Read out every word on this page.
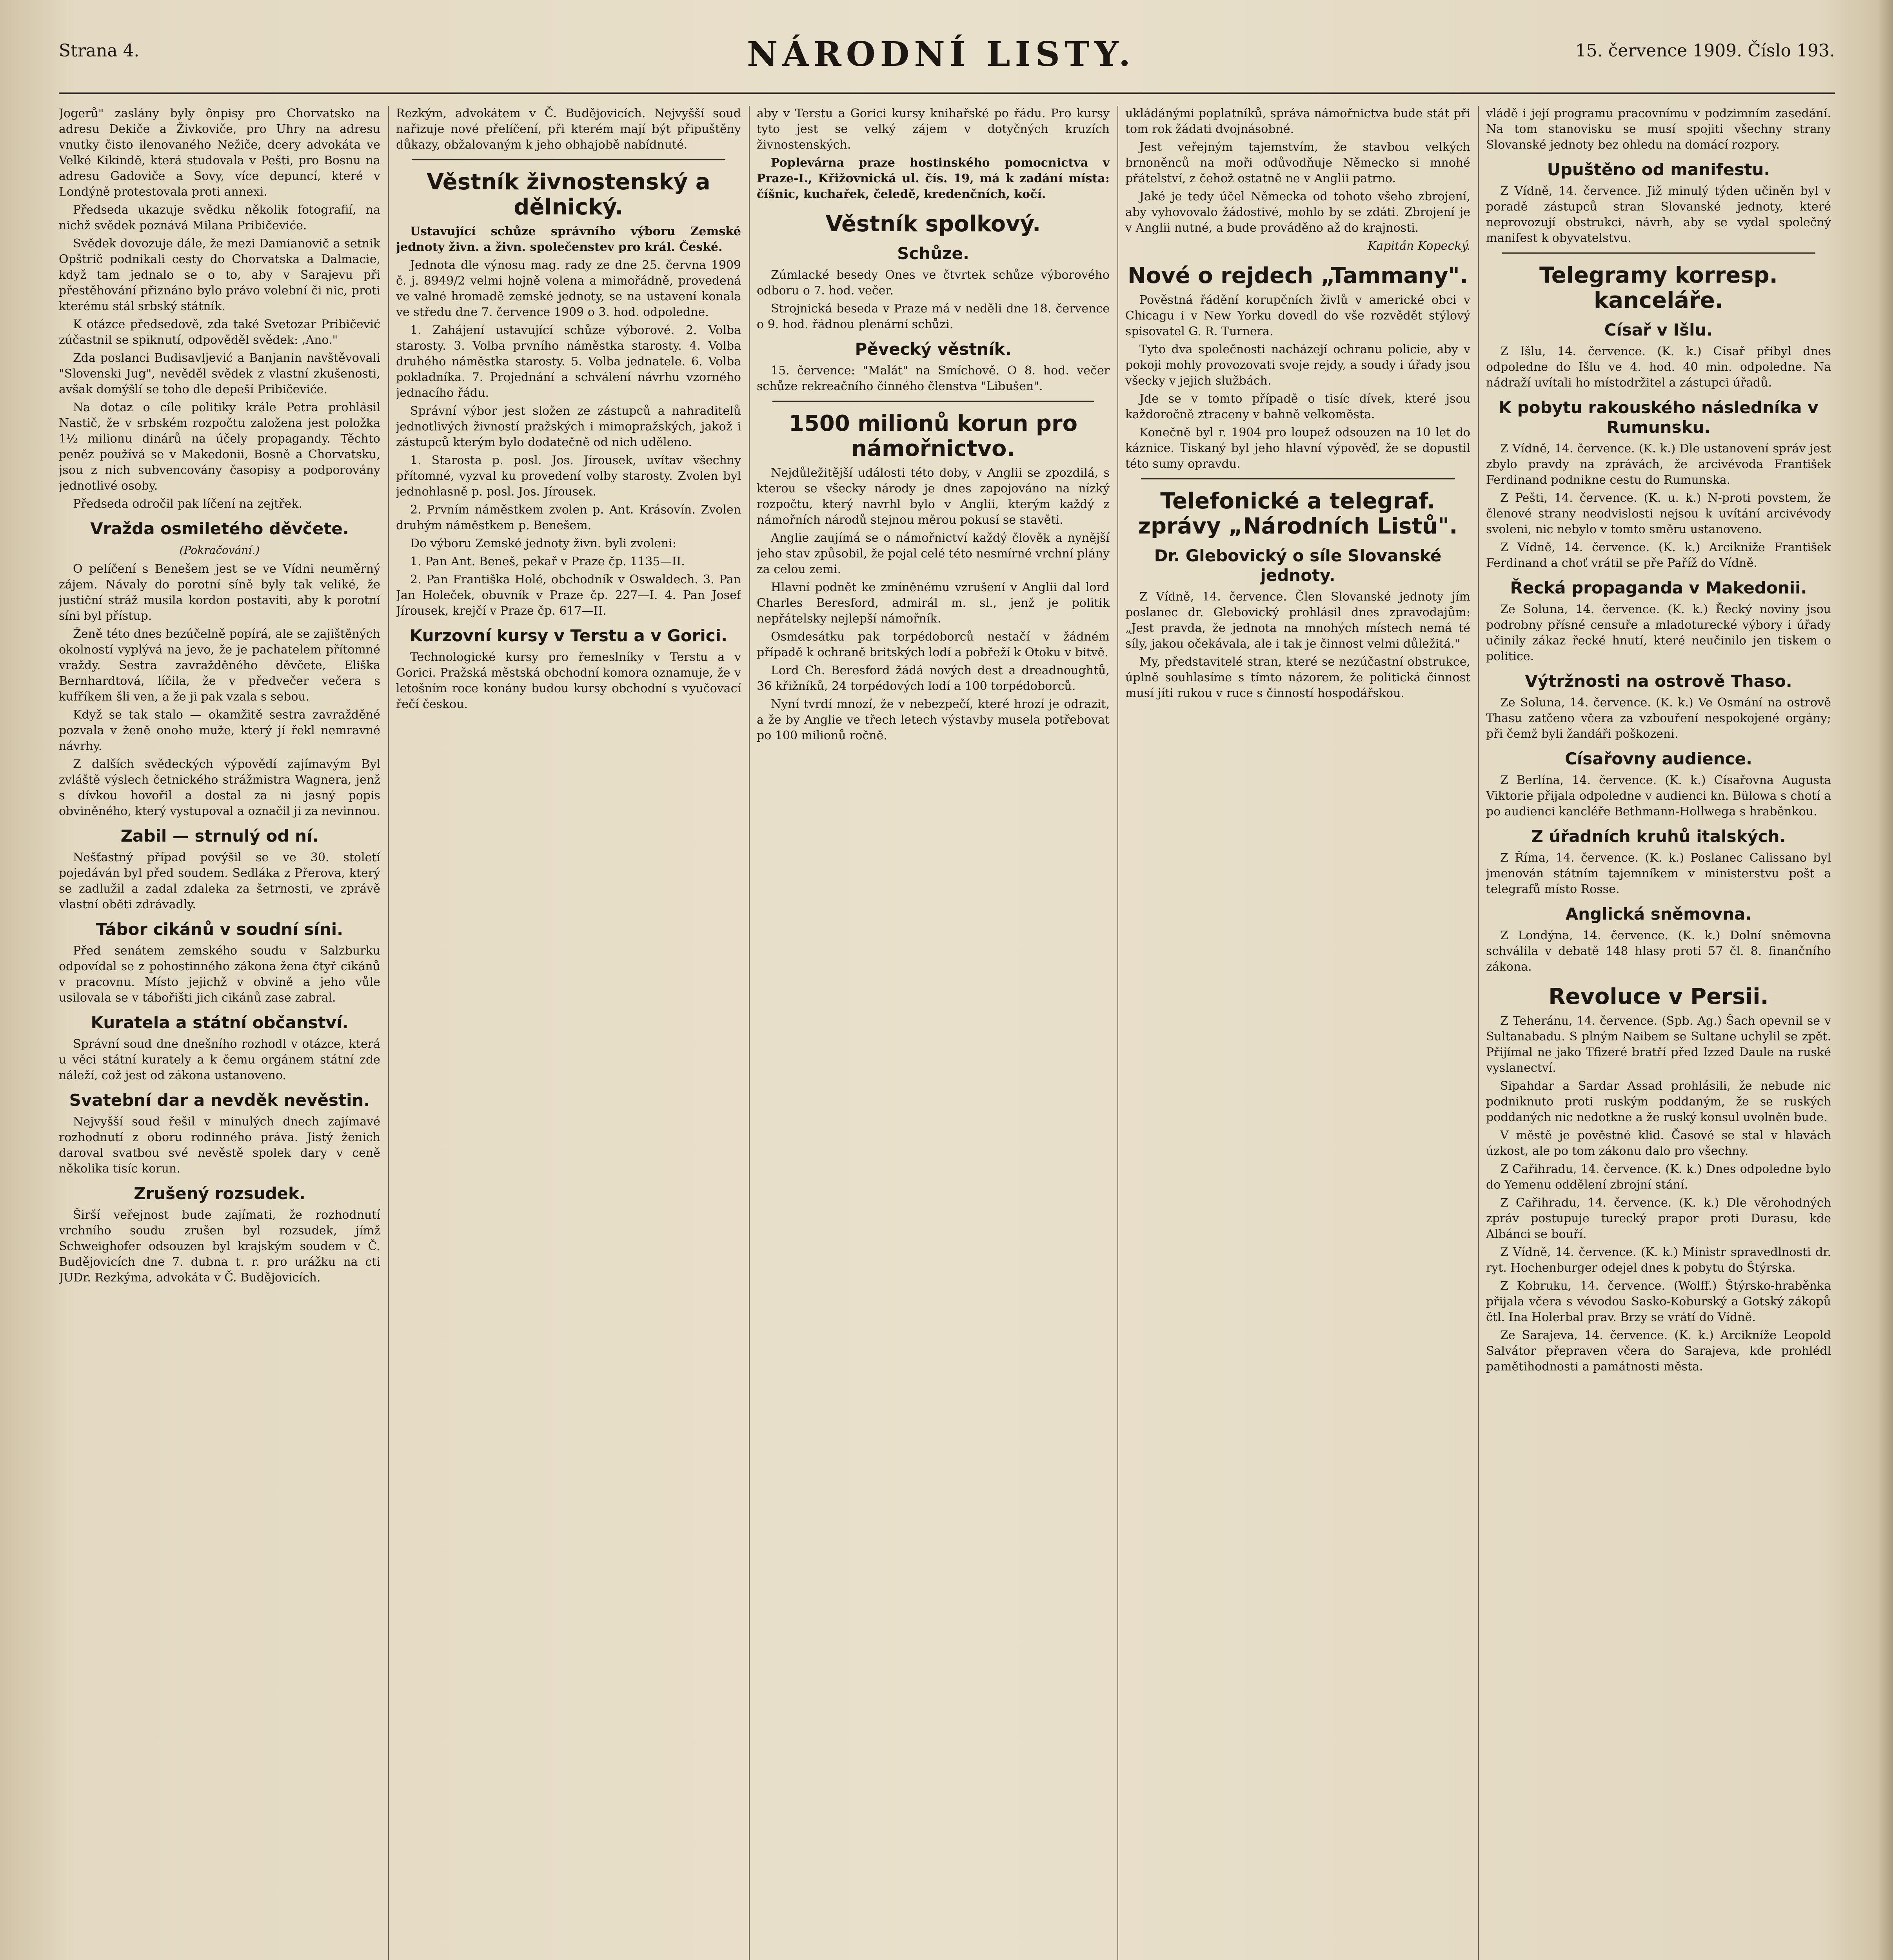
Strana 4.	NÁRODNÍ LISTY.	15. července 1909. Číslo 193.

Jogerů" zaslány byly ônpisy pro Chorvatsko na adresu Dekiče a Živkoviče, pro Uhry na adresu vnutky čisto ilenovaného Nežiče, dcery advokáta ve Velké Kikindě, která studovala v Pešti, pro Bosnu na adresu Gadoviče a Sovy, více depuncí, které v Londýně protestovala proti annexi.

Předseda ukazuje svědku několik fotografií, na nichž svědek poznává Milana Pribičeviće.

Svědek dovozuje dále, že mezi Damianovič a setnik Opštrič podnikali cesty do Chorvatska a Dalmacie, když tam jednalo se o to, aby v Sarajevu při přestěhování přiznáno bylo právo volební či nic, proti kterému stál srbský státník.

K otázce předsedově, zda také Svetozar Pribičević zúčastnil se spiknutí, odpověděl svědek: ,Ano."

Zda poslanci Budisavljević a Banjanin navštěvovali "Slovenski Jug", nevěděl svědek z vlastní zkušenosti, avšak domýšlí se toho dle depeší Pribičeviće.

Na dotaz o cíle politiky krále Petra prohlásil Nastič, že v srbském rozpočtu založena jest položka 1½ milionu dinárů na účely propagandy. Těchto peněz používá se v Makedonii, Bosně a Chorvatsku, jsou z nich subvencovány časopisy a podporovány jednotlivé osoby.

Předseda odročil pak líčení na zejtřek.

Vražda osmiletého děvčete.
(Pokračování.)

O pelíčení s Benešem jest se ve Vídni neuměrný zájem. Návaly do porotní síně byly tak veliké, že justiční stráž musila kordon postaviti, aby k porotní síni byl přístup.

Ženě této dnes bezúčelně popírá, ale se zajištěných okolností vyplývá na jevo, že je pachatelem přítomné vraždy. Sestra zavražděného děvčete, Eliška Bernhardtová, líčila, že v předvečer večera s kufříkem šli ven, a že ji pak vzala s sebou.

Když se tak stalo — okamžitě sestra zavražděné pozvala v ženě onoho muže, který jí řekl nemravné návrhy.

Z dalších svědeckých výpovědí zajímavým Byl zvláště výslech četnického strážmistra Wagnera, jenž s dívkou hovořil a dostal za ni jasný popis obviněného, který vystupoval a označil ji za nevinnou.

Zabil — strnulý od ní.

Nešťastný případ povýšil se ve 30. století pojedáván byl před soudem. Sedláka z Přerova, který se zadlužil a zadal zdaleka za šetrnosti, ve zprávě vlastní oběti zdrávadly.

Tábor cikánů v soudní síni.

Před senátem zemského soudu v Salzburku odpovídal se z pohostinného zákona žena čtyř cikánů v pracovnu. Místo jejichž v obvině a jeho vůle usilovala se v tábořišti jich cikánů zase zabral.

Kuratela a státní občanství.

Správní soud dne dnešního rozhodl v otázce, která u věci státní kurately a k čemu orgánem státní zde náleží, což jest od zákona ustanoveno.

Svatební dar a nevděk nevěstin.

Nejvyšší soud řešil v minulých dnech zajímavé rozhodnutí z oboru rodinného práva. Jistý ženich daroval svatbou své nevěstě spolek dary v ceně několika tisíc korun.

Zrušený rozsudek.

Širší veřejnost bude zajímati, že rozhodnutí vrchního soudu zrušen byl rozsudek, jímž Schweighofer odsouzen byl krajským soudem v Č. Budějovicích dne 7. dubna t. r. pro urážku na cti JUDr. Rezkýma, advokáta v Č. Budějovicích.

Rezkým, advokátem v Č. Budějovicích. Nejvyšší soud nařizuje nové přelíčení, při kterém mají být připuštěny důkazy, obžalovaným k jeho obhajobě nabídnuté.

Věstník živnostenský a dělnický.

Ustavující schůze správního výboru Zemské jednoty živn. a živn. společenstev pro král. České.

Jednota dle výnosu mag. rady ze dne 25. června 1909 č. j. 8949/2 velmi hojně volena a mimořádně, provedená ve valné hromadě zemské jednoty, se na ustavení konala ve středu dne 7. července 1909 o 3. hod. odpoledne.

1. Zahájení ustavující schůze výborové. 2. Volba starosty. 3. Volba prvního náměstka starosty. 4. Volba druhého náměstka starosty. 5. Volba jednatele. 6. Volba pokladníka. 7. Projednání a schválení návrhu vzorného jednacího řádu.

Správní výbor jest složen ze zástupců a nahraditelů jednotlivých živností pražských i mimopražských, jakož i zástupců kterým bylo dodatečně od nich uděleno.

1. Starosta p. posl. Jos. Jírousek, uvítav všechny přítomné, vyzval ku provedení volby starosty. Zvolen byl jednohlasně p. posl. Jos. Jírousek.

2. Prvním náměstkem zvolen p. Ant. Krásovín. Zvolen druhým náměstkem p. Benešem.

Do výboru Zemské jednoty živn. byli zvoleni:

1. Pan Ant. Beneš, pekař v Praze čp. 1135—II.

2. Pan Františka Holé, obchodník v Oswaldech. 3. Pan Jan Holeček, obuvník v Praze čp. 227—I. 4. Pan Josef Jírousek, krejčí v Praze čp. 617—II.

Kurzovní kursy v Terstu a v Gorici.

Technologické kursy pro řemeslníky v Terstu a v Gorici. Pražská městská obchodní komora oznamuje, že v letošním roce konány budou kursy obchodní s vyučovací řečí českou.

aby v Terstu a Gorici kursy knihařské po řádu. Pro kursy tyto jest se velký zájem v dotyčných kruzích živnostenských.

Poplevárna praze hostinského pomocnictva v Praze-I., Křižovnická ul. čís. 19, má k zadání místa: číšnic, kuchařek, čeledě, kredenčních, kočí.

Věstník spolkový.
Schůze.

Zúmlacké besedy Ones ve čtvrtek schůze výborového odboru o 7. hod. večer.

Strojnická beseda v Praze má v neděli dne 18. července o 9. hod. řádnou plenární schůzi.

Pěvecký věstník.

15. července: "Malát" na Smíchově. O 8. hod. večer schůze rekreačního činného členstva "Libušen".

1500 milionů korun pro námořnictvo.

Nejdůležitější události této doby, v Anglii se zpozdilá, s kterou se všecky národy je dnes zapojováno na nízký rozpočtu, který navrhl bylo v Anglii, kterým každý z námořních národů stejnou měrou pokusí se stavěti.

Anglie zaujímá se o námořnictví každý člověk a nynější jeho stav způsobil, že pojal celé této nesmírné vrchní plány za celou zemi.

Hlavní podnět ke zmíněnému vzrušení v Anglii dal lord Charles Beresford, admirál m. sl., jenž je politik nepřátelsky nejlepší námořník.

Osmdesátku pak torpédoborců nestačí v žádném případě k ochraně britských lodí a pobřeží k Otoku v bitvě.

Lord Ch. Beresford žádá nových dest a dreadnoughtů, 36 křižníků, 24 torpédových lodí a 100 torpédoborců.

Nyní tvrdí mnozí, že v nebezpečí, které hrozí je odrazit, a že by Anglie ve třech letech výstavby musela potřebovat po 100 milionů ročně.

ukládánými poplatníků, správa námořnictva bude stát při tom rok žádati dvojnásobné.

Jest veřejným tajemstvím, že stavbou velkých brnoněnců na moři odůvodňuje Německo si mnohé přátelství, z čehož ostatně ne v Anglii patrno.

Jaké je tedy účel Německa od tohoto všeho zbrojení, aby vyhovovalo žádostivé, mohlo by se zdáti. Zbrojení je v Anglii nutné, a bude prováděno až do krajnosti.

Kapitán Kopecký.
Nové o rejdech „Tammany".

Pověstná řádění korupčních živlů v americké obci v Chicagu i v New Yorku dovedl do vše rozvědět stýlový spisovatel G. R. Turnera.

Tyto dva společnosti nacházejí ochranu policie, aby v pokoji mohly provozovati svoje rejdy, a soudy i úřady jsou všecky v jejich službách.

Jde se v tomto případě o tisíc dívek, které jsou každoročně ztraceny v bahně velkoměsta.

Konečně byl r. 1904 pro loupež odsouzen na 10 let do káznice. Tiskaný byl jeho hlavní výpověď, že se dopustil této sumy opravdu.

Telefonické a telegraf. zprávy „Národních Listů".
Dr. Glebovický o síle Slovanské jednoty.

Z Vídně, 14. července. Člen Slovanské jednoty jím poslanec dr. Glebovický prohlásil dnes zpravodajům: „Jest pravda, že jednota na mnohých místech nemá té síly, jakou očekávala, ale i tak je činnost velmi důležitá."

My, představitelé stran, které se nezúčastní obstrukce, úplně souhlasíme s tímto názorem, že politická činnost musí jíti rukou v ruce s činností hospodářskou.

vládě i její programu pracovnímu v podzimním zasedání. Na tom stanovisku se musí spojiti všechny strany Slovanské jednoty bez ohledu na domácí rozpory.

Upuštěno od manifestu.

Z Vídně, 14. července. Již minulý týden učiněn byl v poradě zástupců stran Slovanské jednoty, které neprovozují obstrukci, návrh, aby se vydal společný manifest k obyvatelstvu.

Telegramy korresp. kanceláře.
Císař v Išlu.

Z Išlu, 14. července. (K. k.) Císař přibyl dnes odpoledne do Išlu ve 4. hod. 40 min. odpoledne. Na nádraží uvítali ho místodržitel a zástupci úřadů.

K pobytu rakouského následníka v Rumunsku.

Z Vídně, 14. července. (K. k.) Dle ustanovení správ jest zbylo pravdy na zprávách, že arcivévoda František Ferdinand podnikne cestu do Rumunska.

Z Pešti, 14. července. (K. u. k.) N-proti povstem, že členové strany neodvislosti nejsou k uvítání arcivévody svoleni, nic nebylo v tomto směru ustanoveno.

Z Vídně, 14. července. (K. k.) Arcikníže František Ferdinand a choť vrátil se pře Paříž do Vídně.

Řecká propaganda v Makedonii.

Ze Soluna, 14. července. (K. k.) Řecký noviny jsou podrobny přísné censuře a mladoturecké výbory i úřady učinily zákaz řecké hnutí, které neučinilo jen tiskem o politice.

Výtržnosti na ostrově Thaso.

Ze Soluna, 14. července. (K. k.) Ve Osmání na ostrově Thasu zatčeno včera za vzbouření nespokojené orgány; při čemž byli žandáři poškozeni.

Císařovny audience.

Z Berlína, 14. července. (K. k.) Císařovna Augusta Viktorie přijala odpoledne v audienci kn. Bülowa s chotí a po audienci kancléře Bethmann-Hollwega s hraběnkou.

Z úřadních kruhů italských.

Z Říma, 14. července. (K. k.) Poslanec Calissano byl jmenován státním tajemníkem v ministerstvu pošt a telegrafů místo Rosse.

Anglická sněmovna.

Z Londýna, 14. července. (K. k.) Dolní sněmovna schválila v debatě 148 hlasy proti 57 čl. 8. finančního zákona.

Revoluce v Persii.

Z Teheránu, 14. července. (Spb. Ag.) Šach opevnil se v Sultanabadu. S plným Naibem se Sultane uchylil se zpět. Přijímal ne jako Tfizeré bratří před Izzed Daule na ruské vyslanectví.

Sipahdar a Sardar Assad prohlásili, že nebude nic podniknuto proti ruským poddaným, že se ruských poddaných nic nedotkne a že ruský konsul uvolněn bude.

V městě je pověstné klid. Časové se stal v hlavách úzkost, ale po tom zákonu dalo pro všechny.

Z Cařihradu, 14. července. (K. k.) Dnes odpoledne bylo do Yemenu oddělení zbrojní stání.

Z Cařihradu, 14. července. (K. k.) Dle věrohodných zpráv postupuje turecký prapor proti Durasu, kde Albánci se bouří.

Z Vídně, 14. července. (K. k.) Ministr spravedlnosti dr. ryt. Hochenburger odejel dnes k pobytu do Štýrska.

Z Kobruku, 14. července. (Wolff.) Štýrsko-hraběnka přijala včera s vévodou Sasko-Koburský a Gotský zákopů čtl. Ina Holerbal prav. Brzy se vrátí do Vídně.

Ze Sarajeva, 14. července. (K. k.) Arcikníže Leopold Salvátor přepraven včera do Sarajeva, kde prohlédl pamětihodnosti a památnosti města.
